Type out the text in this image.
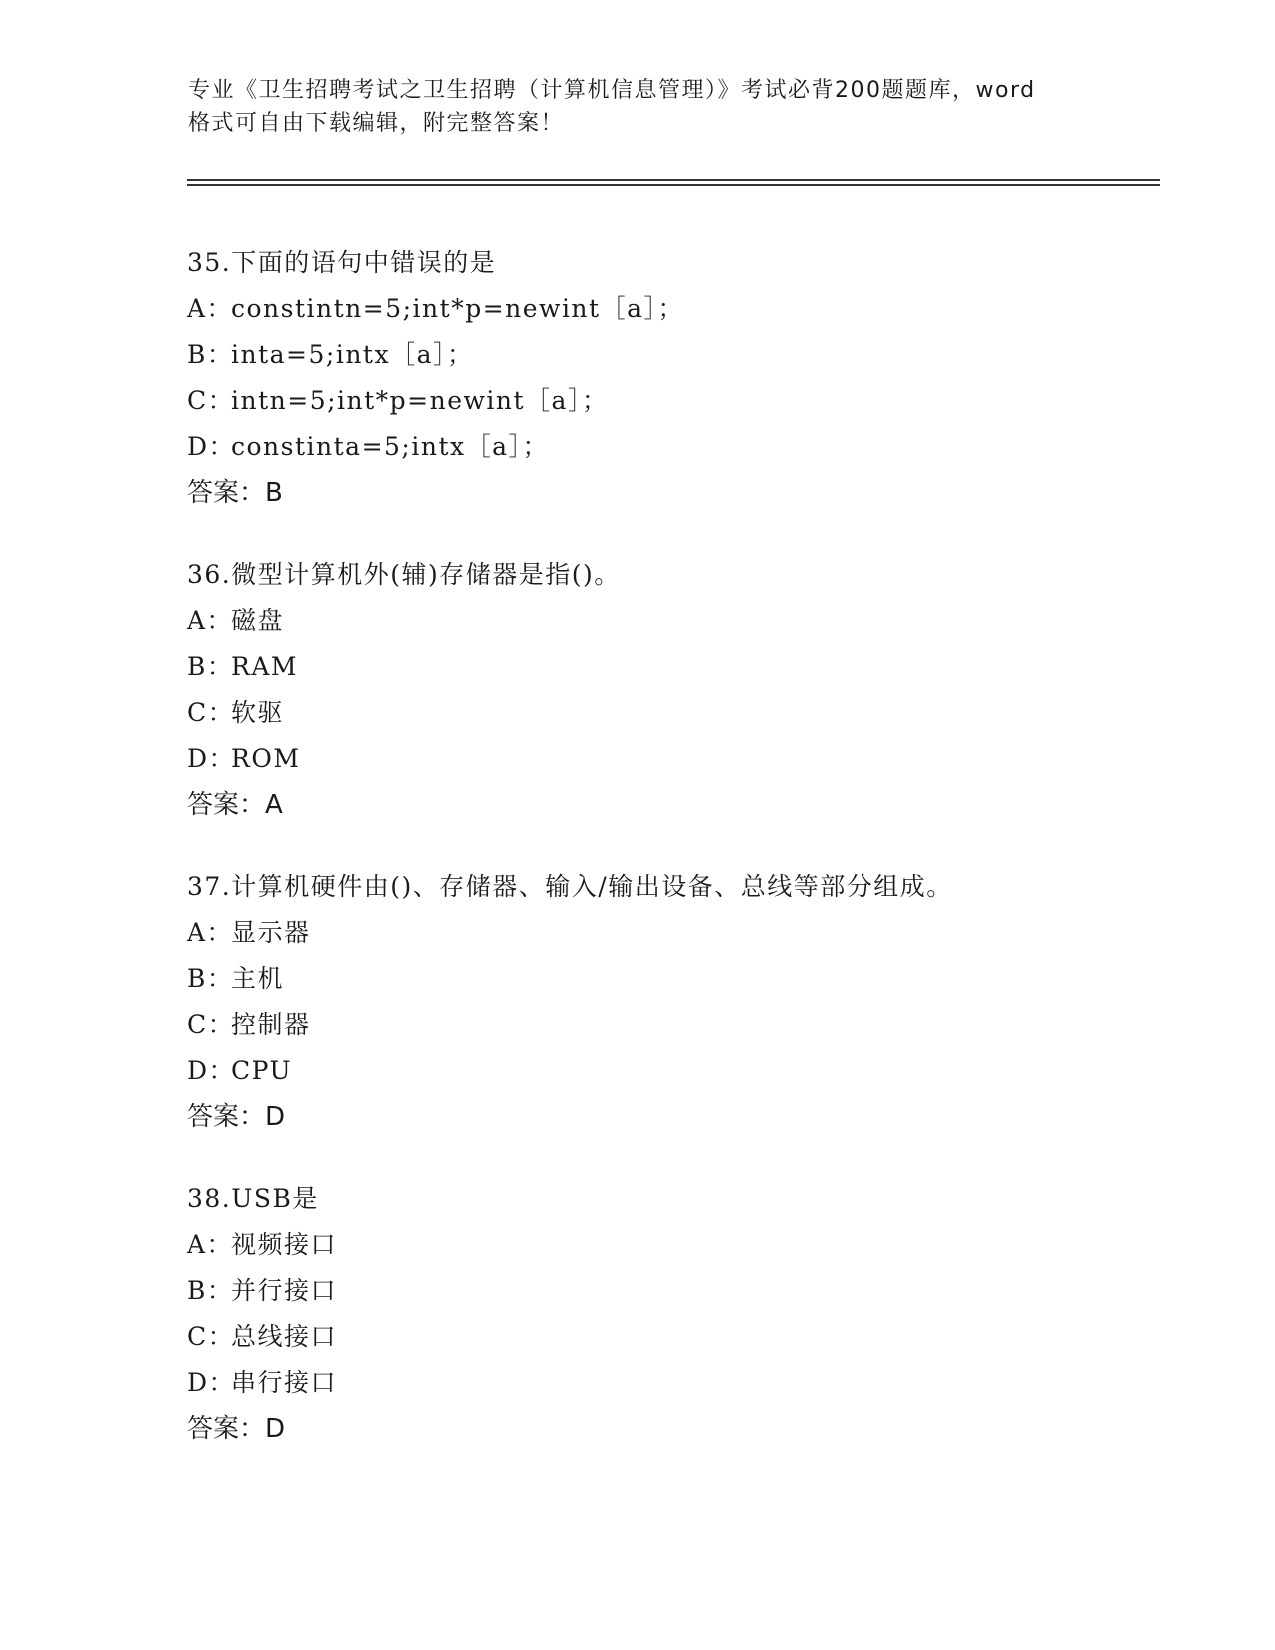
专业《卫生招聘考试之卫生招聘（计算机信息管理）》考试必背200题题库，word
格式可自由下载编辑，附完整答案！
35.下面的语句中错误的是
A：constintn=5;int*p=newint［a］；
B：inta=5;intx［a］；
C：intn=5;int*p=newint［a］；
D：constinta=5;intx［a］；
答案：B
36.微型计算机外(辅)存储器是指()。
A：磁盘
B：RAM
C：软驱
D：ROM
答案：A
37.计算机硬件由()、存储器、输入/输出设备、总线等部分组成。
A：显示器
B：主机
C：控制器
D：CPU
答案：D
38.USB是
A：视频接口
B：并行接口
C：总线接口
D：串行接口
答案：D
